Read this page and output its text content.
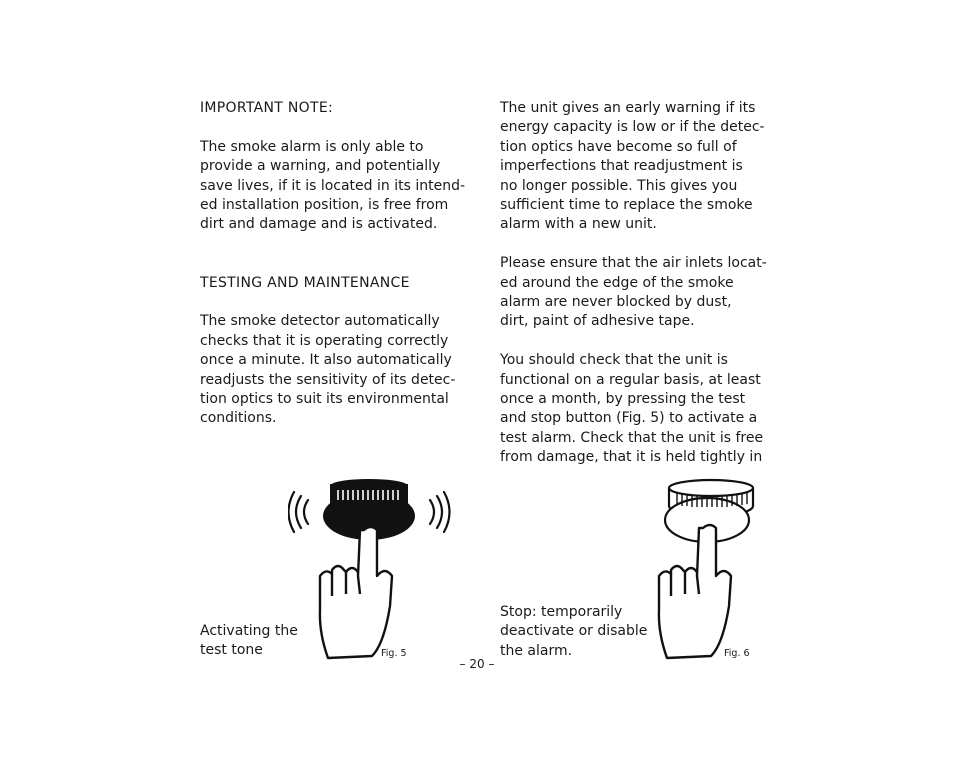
IMPORTANT NOTE:

The smoke alarm is only able to
provide a warning, and potentially
save lives, if it is located in its intend-
ed installation position, is free from
dirt and damage and is activated.

TESTING AND MAINTENANCE

The smoke detector automatically
checks that it is operating correctly
once a minute. It also automatically
readjusts the sensitivity of its detec-
tion optics to suit its environmental
conditions.

The unit gives an early warning if its
energy capacity is low or if the detec-
tion optics have become so full of
imperfections that readjustment is
no longer possible. This gives you
sufficient time to replace the smoke
alarm with a new unit.

Please ensure that the air inlets locat-
ed around the edge of the smoke
alarm are never blocked by dust,
dirt, paint of adhesive tape.

You should check that the unit is
functional on a regular basis, at least
once a month, by pressing the test
and stop button (Fig. 5) to activate a
test alarm. Check that the unit is free
from damage, that it is held tightly in

Activating the
test tone	Fig. 5
Stop: temporarily
deactivate or disable
the alarm.	Fig. 6
– 20 –
